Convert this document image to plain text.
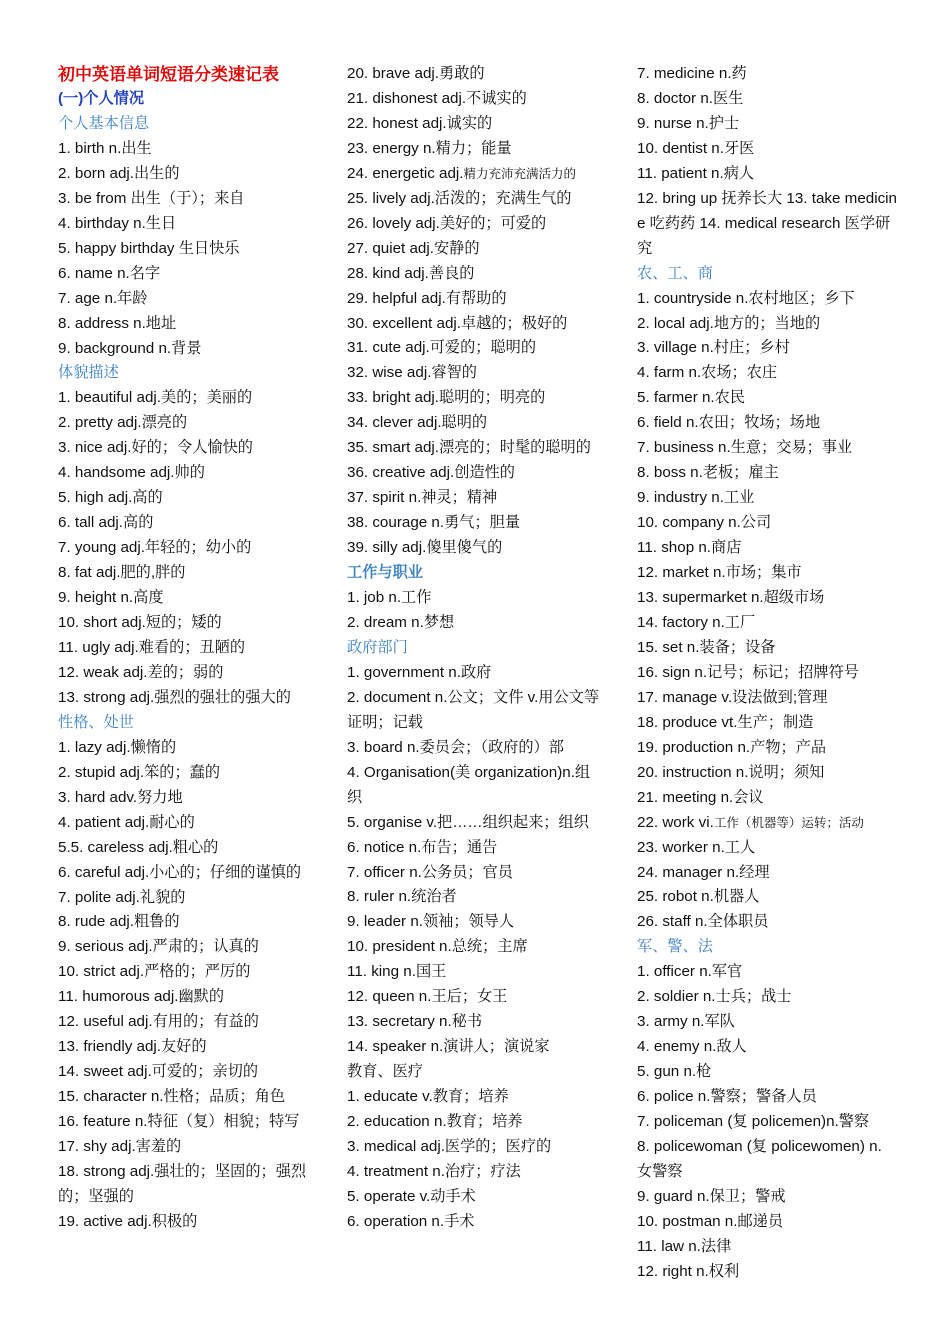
初中英语单词短语分类速记表

(一)个人情况

个人基本信息

1. birth n.出生

2. born adj.出生的

3. be from 出生（于）；来自

4. birthday n.生日

5. happy birthday 生日快乐

6. name n.名字

7. age n.年龄

8. address n.地址

9. background n.背景

体貌描述

1. beautiful adj.美的；美丽的

2. pretty adj.漂亮的

3. nice adj.好的；令人愉快的

4. handsome adj.帅的

5. high adj.高的

6. tall adj.高的

7. young adj.年轻的；幼小的

8. fat adj.肥的,胖的

9. height n.高度

10. short adj.短的；矮的

11. ugly adj.难看的；丑陋的

12. weak adj.差的；弱的

13. strong adj.强烈的强壮的强大的

性格、处世

1. lazy adj.懒惰的

2. stupid adj.笨的；蠢的

3. hard adv.努力地

4. patient adj.耐心的

5.5. careless adj.粗心的

6. careful adj.小心的；仔细的谨慎的

7. polite adj.礼貌的

8. rude adj.粗鲁的

9. serious adj.严肃的；认真的

10. strict adj.严格的；严厉的

11. humorous adj.幽默的

12. useful adj.有用的；有益的

13. friendly adj.友好的

14. sweet adj.可爱的；亲切的

15. character n.性格；品质；角色

16. feature n.特征（复）相貌；特写

17. shy adj.害羞的

18. strong adj.强壮的；坚固的；强烈的；坚强的

19. active adj.积极的

20. brave adj.勇敢的

21. dishonest adj.不诚实的

22. honest adj.诚实的

23. energy n.精力；能量

24. energetic adj.精力充沛充满活力的

25. lively adj.活泼的；充满生气的

26. lovely adj.美好的；可爱的

27. quiet adj.安静的

28. kind adj.善良的

29. helpful adj.有帮助的

30. excellent adj.卓越的；极好的

31. cute adj.可爱的；聪明的

32. wise adj.睿智的

33. bright adj.聪明的；明亮的

34. clever adj.聪明的

35. smart adj.漂亮的；时髦的聪明的

36. creative adj.创造性的

37. spirit n.神灵；精神

38. courage n.勇气；胆量

39. silly adj.傻里傻气的

工作与职业

1. job n.工作

2. dream n.梦想

政府部门

1. government n.政府

2. document n.公文；文件 v.用公文等证明；记载

3. board n.委员会；（政府的）部

4. Organisation(美 organization)n.组织

5. organise v.把……组织起来；组织

6. notice n.布告；通告

7. officer n.公务员；官员

8. ruler n.统治者

9. leader n.领袖；领导人

10. president n.总统；主席

11. king n.国王

12. queen n.王后；女王

13. secretary n.秘书

14. speaker n.演讲人；演说家

教育、医疗

1. educate v.教育；培养

2. education n.教育；培养

3. medical adj.医学的；医疗的

4. treatment n.治疗；疗法

5. operate v.动手术

6. operation n.手术

7. medicine n.药

8. doctor n.医生

9. nurse n.护士

10. dentist n.牙医

11. patient n.病人

12. bring up 抚养长大 13. take medicine 吃药药 14. medical research 医学研究

农、工、商

1. countryside n.农村地区；乡下

2. local adj.地方的；当地的

3. village n.村庄；乡村

4. farm n.农场；农庄

5. farmer n.农民

6. field n.农田；牧场；场地

7. business n.生意；交易；事业

8. boss n.老板；雇主

9. industry n.工业

10. company n.公司

11. shop n.商店

12. market n.市场；集市

13. supermarket n.超级市场

14. factory n.工厂

15. set n.装备；设备

16. sign n.记号；标记；招牌符号

17. manage v.设法做到;管理

18. produce vt.生产；制造

19. production n.产物；产品

20. instruction n.说明；须知

21. meeting n.会议

22. work vi.工作（机器等）运转；活动

23. worker n.工人

24. manager n.经理

25. robot n.机器人

26. staff n.全体职员

军、警、法

1. officer n.军官

2. soldier n.士兵；战士

3. army n.军队

4. enemy n.敌人

5. gun n.枪

6. police n.警察；警备人员

7. policeman (复 policemen)n.警察

8. policewoman (复 policewomen) n. 女警察

9. guard n.保卫；警戒

10. postman n.邮递员

11. law n.法律

12. right n.权利
